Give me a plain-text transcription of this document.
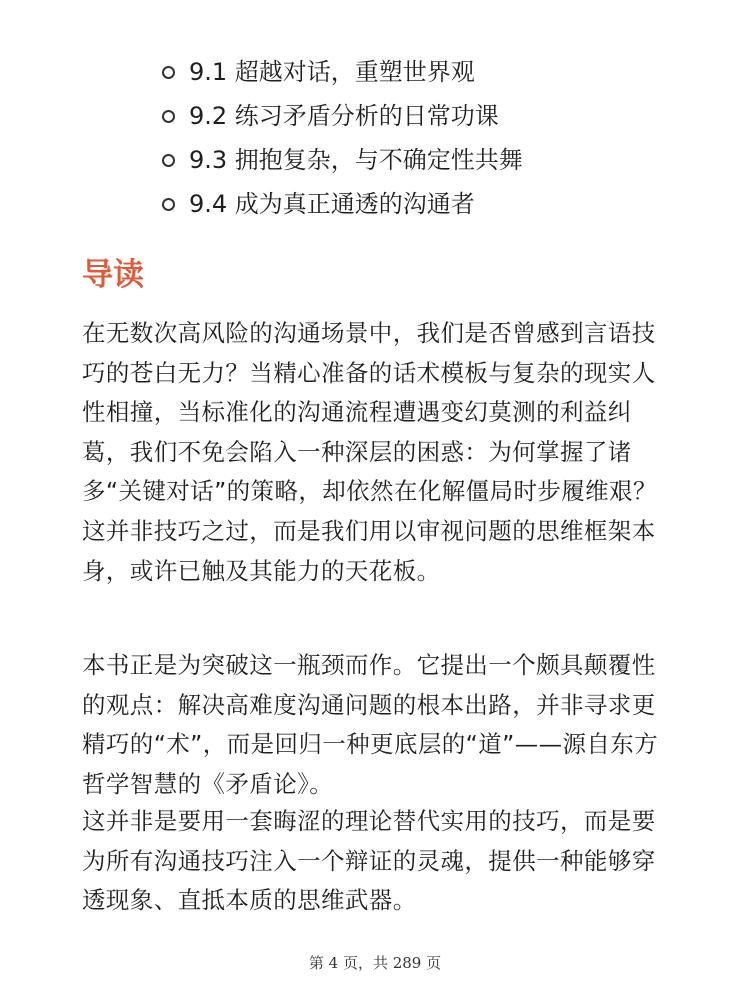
9.1 超越对话，重塑世界观
9.2 练习矛盾分析的日常功课
9.3 拥抱复杂，与不确定性共舞
9.4 成为真正通透的沟通者
导读

在无数次高风险的沟通场景中，我们是否曾感到言语技巧的苍白无力？当精心准备的话术模板与复杂的现实人性相撞，当标准化的沟通流程遭遇变幻莫测的利益纠葛，我们不免会陷入一种深层的困惑：为何掌握了诸多“关键对话”的策略，却依然在化解僵局时步履维艰？这并非技巧之过，而是我们用以审视问题的思维框架本身，或许已触及其能力的天花板。

本书正是为突破这一瓶颈而作。它提出一个颇具颠覆性的观点：解决高难度沟通问题的根本出路，并非寻求更精巧的“术”，而是回归一种更底层的“道”——源自东方哲学智慧的《矛盾论》。

这并非是要用一套晦涩的理论替代实用的技巧，而是要为所有沟通技巧注入一个辩证的灵魂，提供一种能够穿透现象、直抵本质的思维武器。

第 4 页，共 289 页
